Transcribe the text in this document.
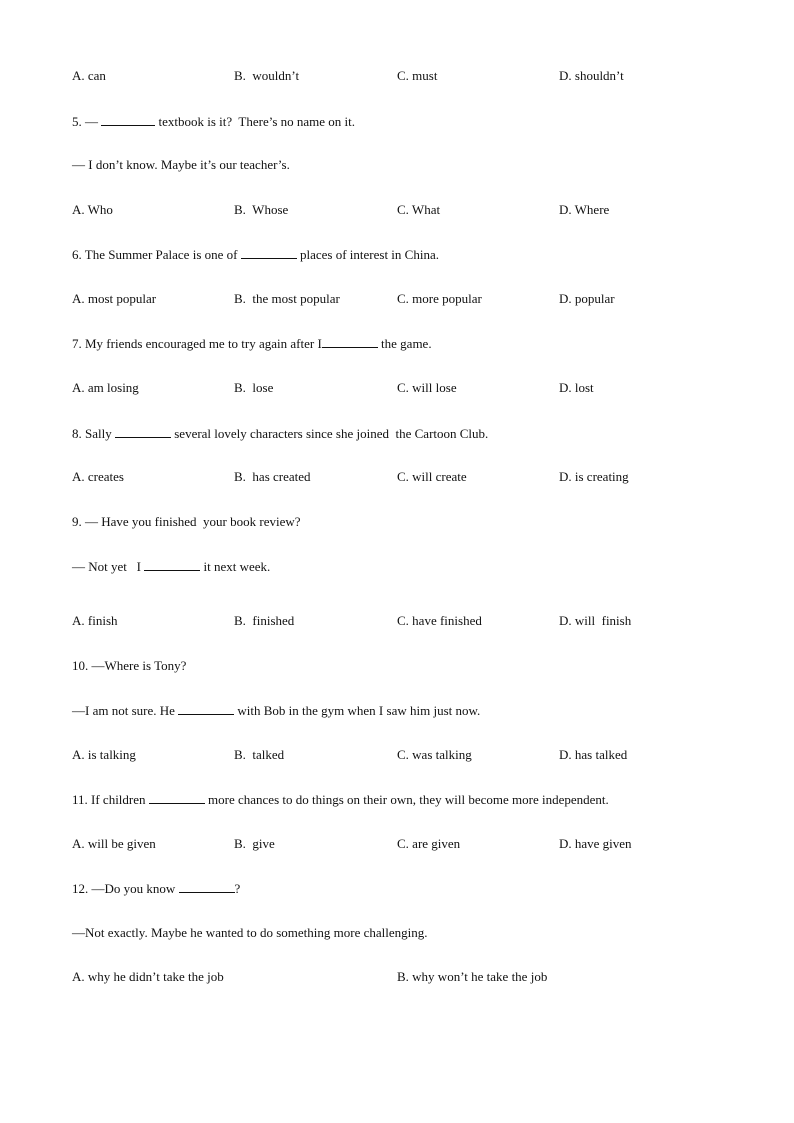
A. can	B.  wouldn’t	C. must	D. shouldn’t
5. —	textbook is it?  There’s no name on it.
— I don’t know. Maybe it’s our teacher’s.
A. Who	B.  Whose	C. What	D. Where
6. The Summer Palace is one of	places of interest in China.
A. most popular	B.  the most popular	C. more popular	D. popular
7. My friends encouraged me to try again after I	the game.
A. am losing	B.  lose	C. will lose	D. lost
8. Sally	several lovely characters since she joined  the Cartoon Club.
A. creates	B.  has created	C. will create	D. is creating
9. — Have you finished  your book review?
— Not yet   I	it next week.
A. finish	B.  finished	C. have finished	D. will  finish
10. —Where is Tony?
—I am not sure. He	with Bob in the gym when I saw him just now.
A. is talking	B.  talked	C. was talking	D. has talked
11. If children	more chances to do things on their own, they will become more independent.
A. will be given	B.  give	C. are given	D. have given
12. —Do you know	?
—Not exactly. Maybe he wanted to do something more challenging.
A. why he didn’t take the job	B. why won’t he take the job
